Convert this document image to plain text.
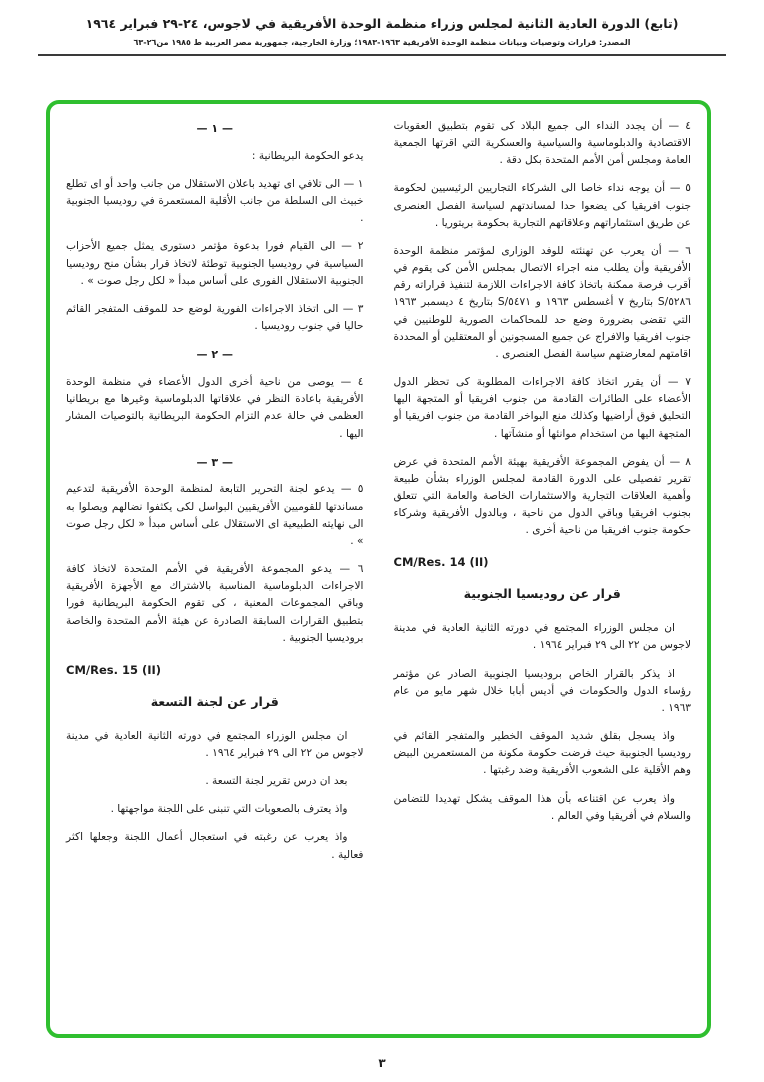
(تابع) الدورة العادية الثانية لمجلس وزراء منظمة الوحدة الأفريقية في لاجوس، ٢٤-٢٩ فبراير ١٩٦٤
المصدر: قرارات وتوصيات وبيانات منظمة الوحدة الأفريقية ١٩٦٣-١٩٨٣؛ وزارة الخارجية، جمهورية مصر العربية ط ١٩٨٥ من٢٦-٦٣

٤ — أن يجدد النداء الى جميع البلاد كى تقوم بتطبيق العقوبات الاقتصادية والدبلوماسية والسياسية والعسكرية التي اقرتها الجمعية العامة ومجلس أمن الأمم المتحدة بكل دقة .

٥ — أن يوجه نداء خاصا الى الشركاء التجاريين الرئيسيين لحكومة جنوب افريقيا كى يضعوا حدا لمساندتهم لسياسة الفصل العنصرى عن طريق استثماراتهم وعلاقاتهم التجارية بحكومة بريتوريا .

٦ — أن يعرب عن تهنئته للوفد الوزارى لمؤتمر منظمة الوحدة الأفريقية وأن يطلب منه اجراء الاتصال بمجلس الأمن كى يقوم في أقرب فرصة ممكنة باتخاذ كافة الاجراءات اللازمة لتنفيذ قراراته رقم ٥٢٨٦/S بتاريخ ٧ أغسطس ١٩٦٣ و ٥٤٧١/S بتاريخ ٤ ديسمبر ١٩٦٣ التي تقضى بضرورة وضع حد للمحاكمات الصورية للوطنيين في جنوب افريقيا والافراج عن جميع المسجونين أو المعتقلين أو المحددة اقامتهم لمعارضتهم سياسة الفصل العنصرى .

٧ — أن يقرر اتخاذ كافة الاجراءات المطلوبة كى تحظر الدول الأعضاء على الطائرات القادمة من جنوب افريقيا أو المتجهة اليها التحليق فوق أراضيها وكذلك منع البواخر القادمة من جنوب افريقيا أو المتجهة اليها من استخدام موانئها أو منشآتها .

٨ — أن يفوض المجموعة الأفريقية بهيئة الأمم المتحدة في عرض تقرير تفصيلى على الدورة القادمة لمجلس الوزراء بشأن طبيعة وأهمية العلاقات التجارية والاستثمارات الخاصة والعامة التي تتعلق بجنوب افريقيا وباقي الدول من ناحية ، وبالدول الأفريقية وشركاء حكومة جنوب افريقيا من ناحية أخرى .

CM/Res. 14 (II)
قرار عن روديسيا الجنوبية

ان مجلس الوزراء المجتمع في دورته الثانية العادية في مدينة لاجوس من ٢٢ الى ٢٩ فبراير ١٩٦٤ .

اذ يذكر بالقرار الخاص بروديسيا الجنوبية الصادر عن مؤتمر رؤساء الدول والحكومات في أديس أبابا خلال شهر مايو من عام ١٩٦٣ .

واذ يسجل بقلق شديد الموقف الخطير والمتفجر القائم في روديسيا الجنوبية حيث فرضت حكومة مكونة من المستعمرين البيض وهم الأقلية على الشعوب الأفريقية وضد رغبتها .

واذ يعرب عن اقتناعه بأن هذا الموقف يشكل تهديدا للتضامن والسلام في أفريقيا وفي العالم .

— ١ —

يدعو الحكومة البريطانية :

١ — الى تلافي اى تهديد باعلان الاستقلال من جانب واحد أو اى تطلع خبيث الى السلطة من جانب الأقلية المستعمرة في روديسيا الجنوبية .

٢ — الى القيام فورا بدعوة مؤتمر دستورى يمثل جميع الأحزاب السياسية في روديسيا الجنوبية توطئة لاتخاذ قرار بشأن منح روديسيا الجنوبية الاستقلال الفورى على أساس مبدأ « لكل رجل صوت » .

٣ — الى اتخاذ الاجراءات الفورية لوضع حد للموقف المتفجر القائم حاليا في جنوب روديسيا .

— ٢ —

٤ — يوصى من ناحية أخرى الدول الأعضاء في منظمة الوحدة الأفريقية باعادة النظر في علاقاتها الدبلوماسية وغيرها مع بريطانيا العظمى في حالة عدم التزام الحكومة البريطانية بالتوصيات المشار اليها .

— ٣ —

٥ — يدعو لجنة التحرير التابعة لمنظمة الوحدة الأفريقية لتدعيم مساندتها للقوميين الأفريقيين البواسل لكى يكثفوا نضالهم ويصلوا به الى نهايته الطبيعية اى الاستقلال على أساس مبدأ « لكل رجل صوت » .

٦ — يدعو المجموعة الأفريقية في الأمم المتحدة لاتخاذ كافة الاجراءات الدبلوماسية المناسبة بالاشتراك مع الأجهزة الأفريقية وباقي المجموعات المعنية ، كى تقوم الحكومة البريطانية فورا بتطبيق القرارات السابقة الصادرة عن هيئة الأمم المتحدة والخاصة بروديسيا الجنوبية .

CM/Res. 15 (II)
قرار عن لجنة التسعة

ان مجلس الوزراء المجتمع في دورته الثانية العادية في مدينة لاجوس من ٢٢ الى ٢٩ فبراير ١٩٦٤ .

بعد ان درس تقرير لجنة التسعة .

واذ يعترف بالصعوبات التي تنبنى على اللجنة مواجهتها .

واذ يعرب عن رغبته في استعجال أعمال اللجنة وجعلها اكثر فعالية .

٣
